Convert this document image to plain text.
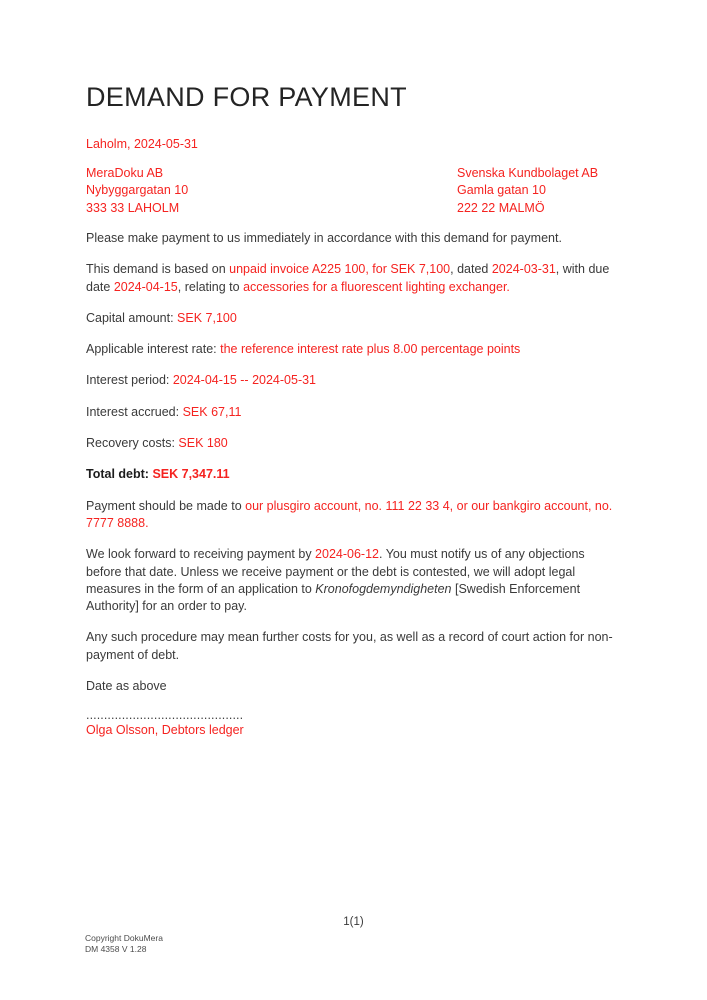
DEMAND FOR PAYMENT
Laholm, 2024-05-31
MeraDoku AB
Nybyggargatan 10
333 33 LAHOLM
Svenska Kundbolaget AB
Gamla gatan 10
222 22 MALMÖ

Please make payment to us immediately in accordance with this demand for payment.

This demand is based on unpaid invoice A225 100, for SEK 7,100, dated 2024-03-31, with due date 2024-04-15, relating to accessories for a fluorescent lighting exchanger.

Capital amount: SEK 7,100

Applicable interest rate: the reference interest rate plus 8.00 percentage points

Interest period: 2024-04-15 -- 2024-05-31

Interest accrued: SEK 67,11

Recovery costs: SEK 180

Total debt: SEK 7,347.11

Payment should be made to our plusgiro account, no. 111 22 33 4, or our bankgiro account, no. 7777 8888.

We look forward to receiving payment by 2024-06-12. You must notify us of any objections before that date. Unless we receive payment or the debt is contested, we will adopt legal measures in the form of an application to Kronofogdemyndigheten [Swedish Enforcement Authority] for an order to pay.

Any such procedure may mean further costs for you, as well as a record of court action for non-payment of debt.

Date as above

............................................
Olga Olsson, Debtors ledger
1(1)
Copyright DokuMera
DM 4358 V 1.28
